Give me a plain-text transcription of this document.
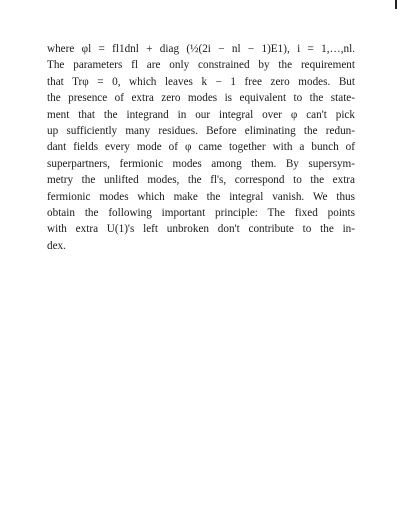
where φl = fl1dnl + diag (½(2i − nl − 1)E1), i = 1,…,nl.
The parameters fl are only constrained by the requirement
that Trφ = 0, which leaves k − 1 free zero modes. But
the presence of extra zero modes is equivalent to the state-
ment that the integrand in our integral over φ can't pick
up sufficiently many residues. Before eliminating the redun-
dant fields every mode of φ came together with a bunch of
superpartners, fermionic modes among them. By supersym-
metry the unlifted modes, the fl's, correspond to the extra
fermionic modes which make the integral vanish. We thus
obtain the following important principle: The fixed points
with extra U(1)'s left unbroken don't contribute to the in-
dex.
